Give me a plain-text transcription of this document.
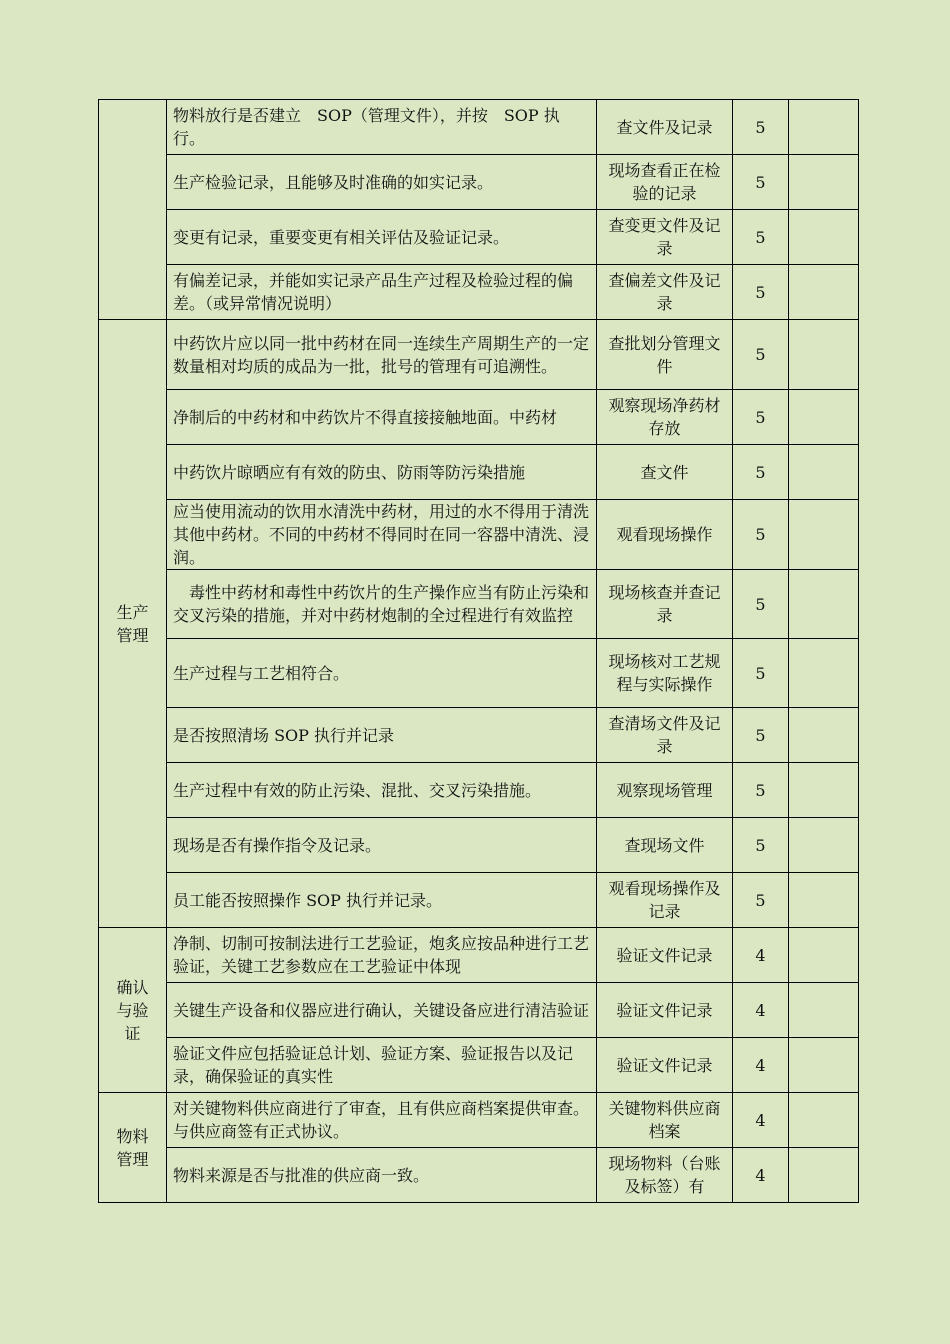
	物料放行是否建立　SOP（管理文件），并按　SOP 执行。	查文件及记录	5	
	生产检验记录，且能够及时准确的如实记录。	现场查看正在检验的记录	5	
	变更有记录，重要变更有相关评估及验证记录。	查变更文件及记录	5	
	有偏差记录，并能如实记录产品生产过程及检验过程的偏差。（或异常情况说明）	查偏差文件及记录	5	
生产管理	中药饮片应以同一批中药材在同一连续生产周期生产的一定数量相对均质的成品为一批，批号的管理有可追溯性。	查批划分管理文件	5	
	净制后的中药材和中药饮片不得直接接触地面。中药材	观察现场净药材存放	5	
	中药饮片晾晒应有有效的防虫、防雨等防污染措施	查文件	5	
	应当使用流动的饮用水清洗中药材，用过的水不得用于清洗其他中药材。不同的中药材不得同时在同一容器中清洗、浸润。	观看现场操作	5	
	　毒性中药材和毒性中药饮片的生产操作应当有防止污染和交叉污染的措施，并对中药材炮制的全过程进行有效监控	现场核查并查记录	5	
	生产过程与工艺相符合。	现场核对工艺规程与实际操作	5	
	是否按照清场 SOP 执行并记录	查清场文件及记录	5	
	生产过程中有效的防止污染、混批、交叉污染措施。	观察现场管理	5	
	现场是否有操作指令及记录。	查现场文件	5	
	员工能否按照操作 SOP 执行并记录。	观看现场操作及记录	5	
确认与验证	净制、切制可按制法进行工艺验证，炮炙应按品种进行工艺验证，关键工艺参数应在工艺验证中体现	验证文件记录	4	
	关键生产设备和仪器应进行确认，关键设备应进行清洁验证	验证文件记录	4	
	验证文件应包括验证总计划、验证方案、验证报告以及记录，确保验证的真实性	验证文件记录	4	
物料管理	对关键物料供应商进行了审查，且有供应商档案提供审查。与供应商签有正式协议。	关键物料供应商档案	4	
	物料来源是否与批准的供应商一致。	现场物料（台账及标签）有	4	
